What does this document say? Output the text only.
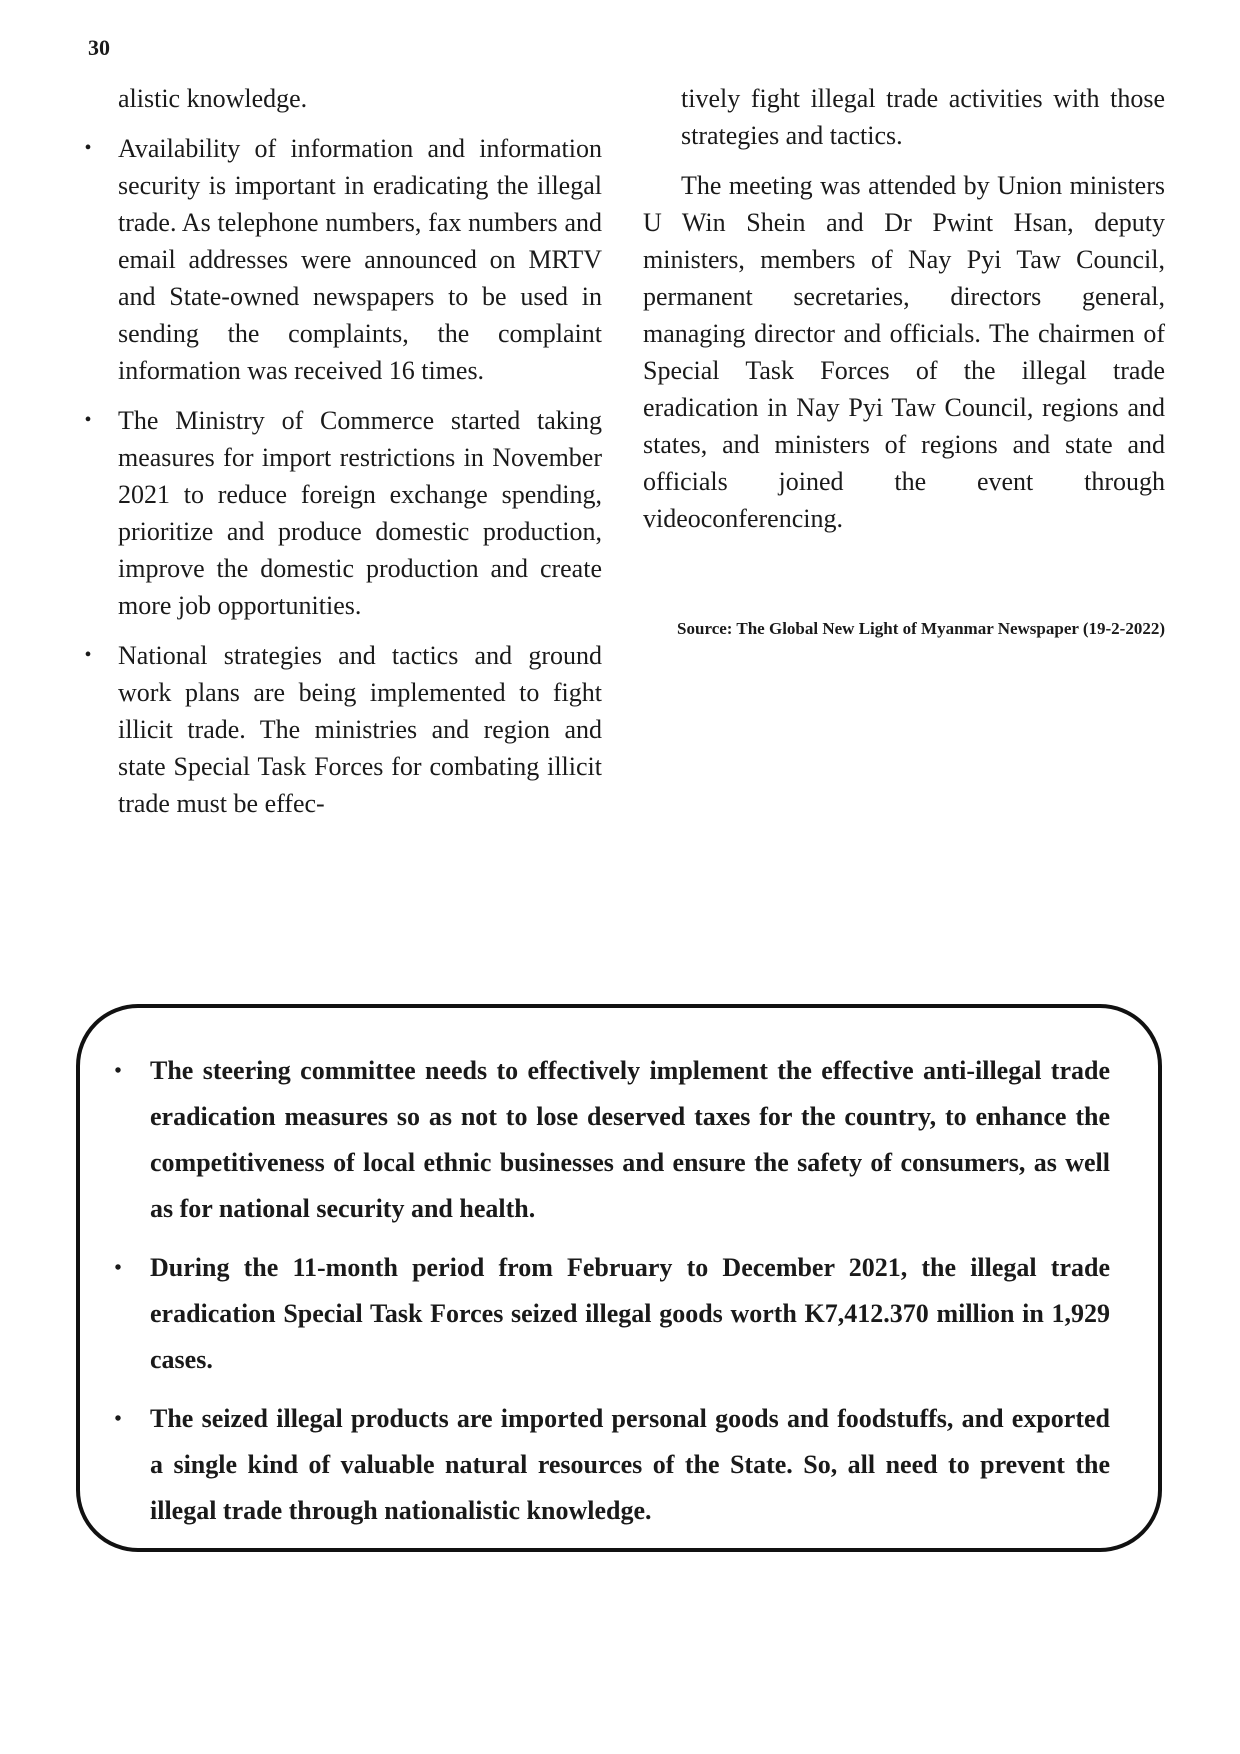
30
alistic knowledge.
• Availability of information and information security is important in eradicating the illegal trade. As telephone numbers, fax numbers and email addresses were announced on MRTV and State-owned newspapers to be used in sending the complaints, the complaint information was received 16 times.
• The Ministry of Commerce started taking measures for import restrictions in November 2021 to reduce foreign exchange spending, prioritize and produce domestic production, improve the domestic production and create more job opportunities.
• National strategies and tactics and ground work plans are being implemented to fight illicit trade. The ministries and region and state Special Task Forces for combating illicit trade must be effec-

tively fight illegal trade activities with those strategies and tactics.

The meeting was attended by Union ministers U Win Shein and Dr Pwint Hsan, deputy ministers, members of Nay Pyi Taw Council, permanent secretaries, directors general, managing director and officials. The chairmen of Special Task Forces of the illegal trade eradication in Nay Pyi Taw Council, regions and states, and ministers of regions and state and officials joined the event through videoconferencing.

Source: The Global New Light of Myanmar Newspaper (19-2-2022)
• The steering committee needs to effectively implement the effective anti-illegal trade eradication measures so as not to lose deserved taxes for the country, to enhance the competitiveness of local ethnic businesses and ensure the safety of consumers, as well as for national security and health.
• During the 11-month period from February to December 2021, the illegal trade eradication Special Task Forces seized illegal goods worth K7,412.370 million in 1,929 cases.
• The seized illegal products are imported personal goods and foodstuffs, and exported a single kind of valuable natural resources of the State. So, all need to prevent the illegal trade through nationalistic knowledge.
